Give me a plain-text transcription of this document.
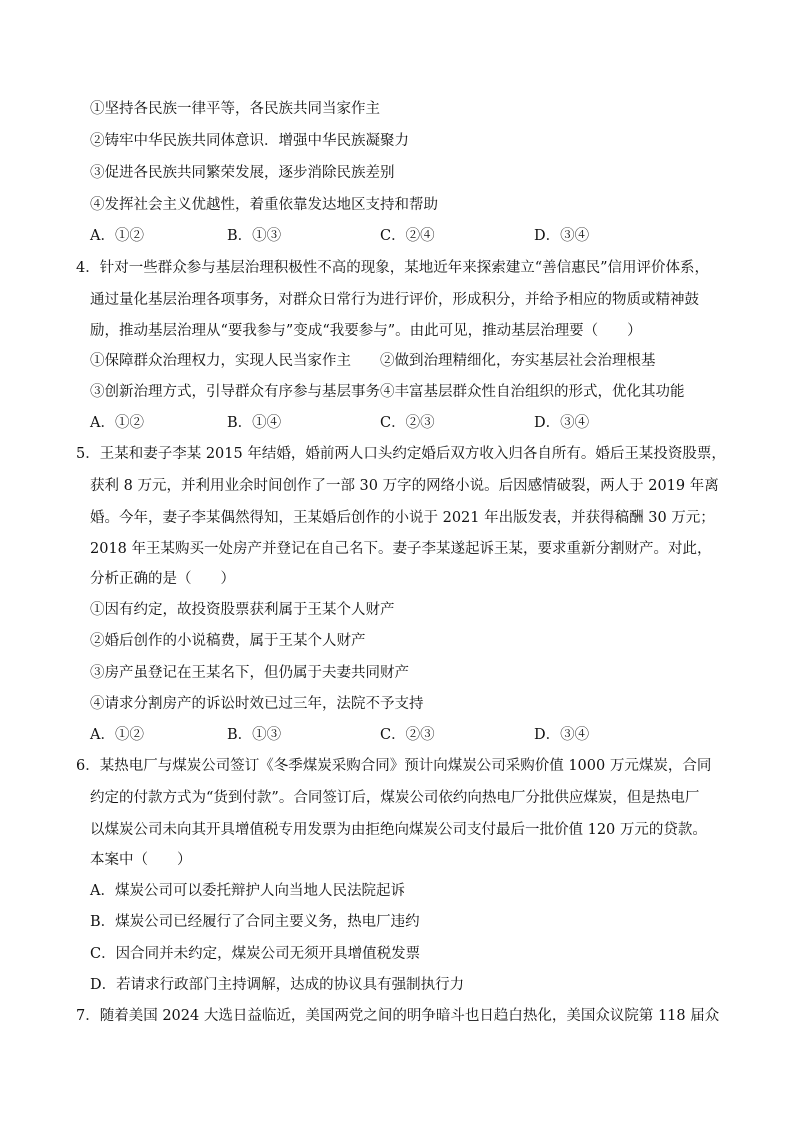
①坚持各民族一律平等，各民族共同当家作主
②铸牢中华民族共同体意识．增强中华民族凝聚力
③促进各民族共同繁荣发展，逐步消除民族差别
④发挥社会主义优越性，着重依靠发达地区支持和帮助
A．①②	B．①③	C．②④	D．③④
4．针对一些群众参与基层治理积极性不高的现象，某地近年来探索建立“善信惠民”信用评价体系，
通过量化基层治理各项事务，对群众日常行为进行评价，形成积分，并给予相应的物质或精神鼓
励，推动基层治理从“要我参与”变成“我要参与”。由此可见，推动基层治理要（　　）
①保障群众治理权力，实现人民当家作主 ②做到治理精细化，夯实基层社会治理根基
③创新治理方式，引导群众有序参与基层事务 ④丰富基层群众性自治组织的形式，优化其功能
A．①②	B．①④	C．②③	D．③④
5．王某和妻子李某 2015 年结婚，婚前两人口头约定婚后双方收入归各自所有。婚后王某投资股票，
获利 8 万元，并利用业余时间创作了一部 30 万字的网络小说。后因感情破裂，两人于 2019 年离
婚。今年，妻子李某偶然得知，王某婚后创作的小说于 2021 年出版发表，并获得稿酬 30 万元；
2018 年王某购买一处房产并登记在自己名下。妻子李某遂起诉王某，要求重新分割财产。对此，
分析正确的是（　　）
①因有约定，故投资股票获利属于王某个人财产
②婚后创作的小说稿费，属于王某个人财产
③房产虽登记在王某名下，但仍属于夫妻共同财产
④请求分割房产的诉讼时效已过三年，法院不予支持
A．①②	B．①③	C．②③	D．③④
6．某热电厂与煤炭公司签订《冬季煤炭采购合同》预计向煤炭公司采购价值 1000 万元煤炭，合同
约定的付款方式为“货到付款”。合同签订后，煤炭公司依约向热电厂分批供应煤炭，但是热电厂
以煤炭公司未向其开具增值税专用发票为由拒绝向煤炭公司支付最后一批价值 120 万元的贷款。
本案中（　　）
A．煤炭公司可以委托辩护人向当地人民法院起诉
B．煤炭公司已经履行了合同主要义务，热电厂违约
C．因合同并未约定，煤炭公司无须开具增值税发票
D．若请求行政部门主持调解，达成的协议具有强制执行力
7．随着美国 2024 大选日益临近，美国两党之间的明争暗斗也日趋白热化，美国众议院第 118 届众
